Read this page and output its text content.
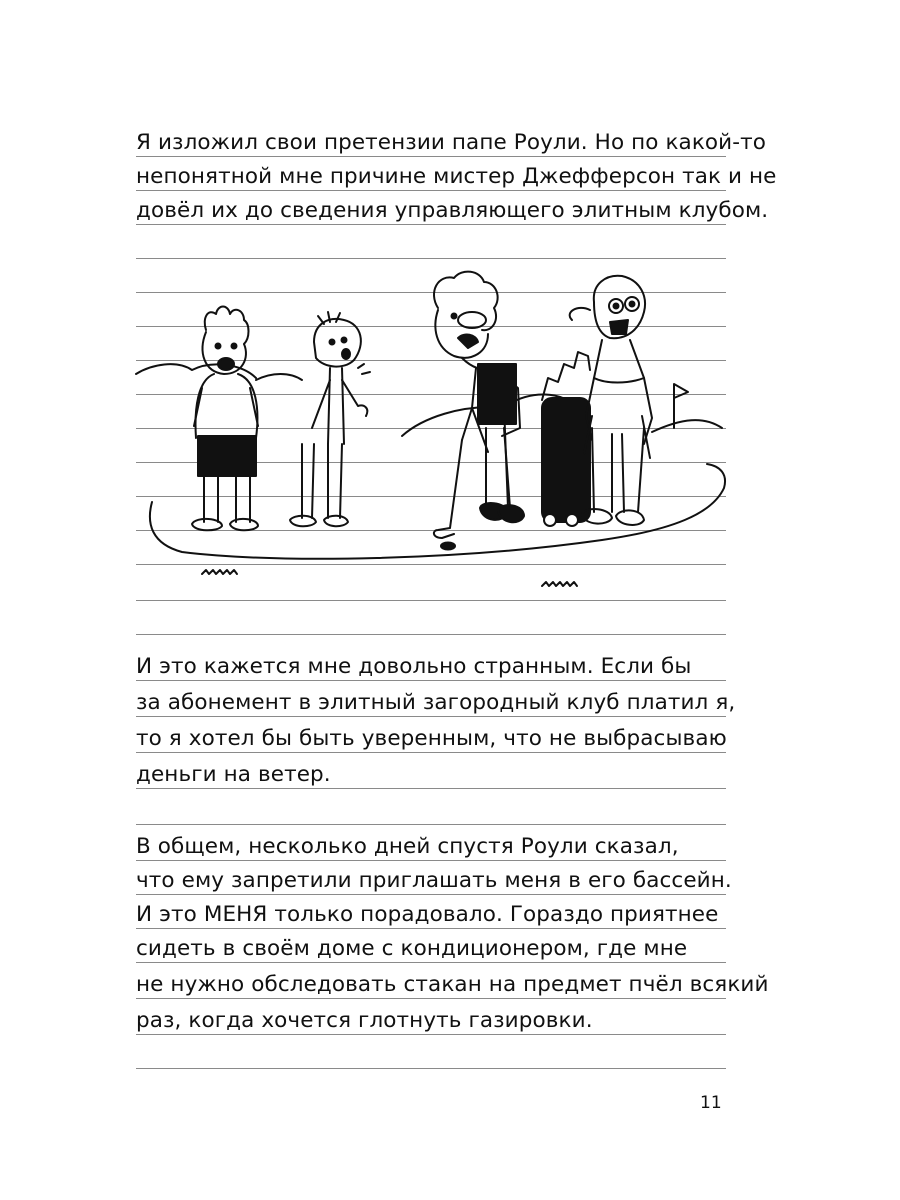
Я изложил свои претензии папе Роули. Но по какой-то
непонятной мне причине мистер Джефферсон так и не
довёл их до сведения управляющего элитным клубом.
И это кажется мне довольно странным. Если бы
за абонемент в элитный загородный клуб платил я,
то я хотел бы быть уверенным, что не выбрасываю
деньги на ветер.
В общем, несколько дней спустя Роули сказал,
что ему запретили приглашать меня в его бассейн.
И это МЕНЯ только порадовало. Гораздо приятнее
сидеть в своём доме с кондиционером, где мне
не нужно обследовать стакан на предмет пчёл всякий
раз, когда хочется глотнуть газировки.
11
